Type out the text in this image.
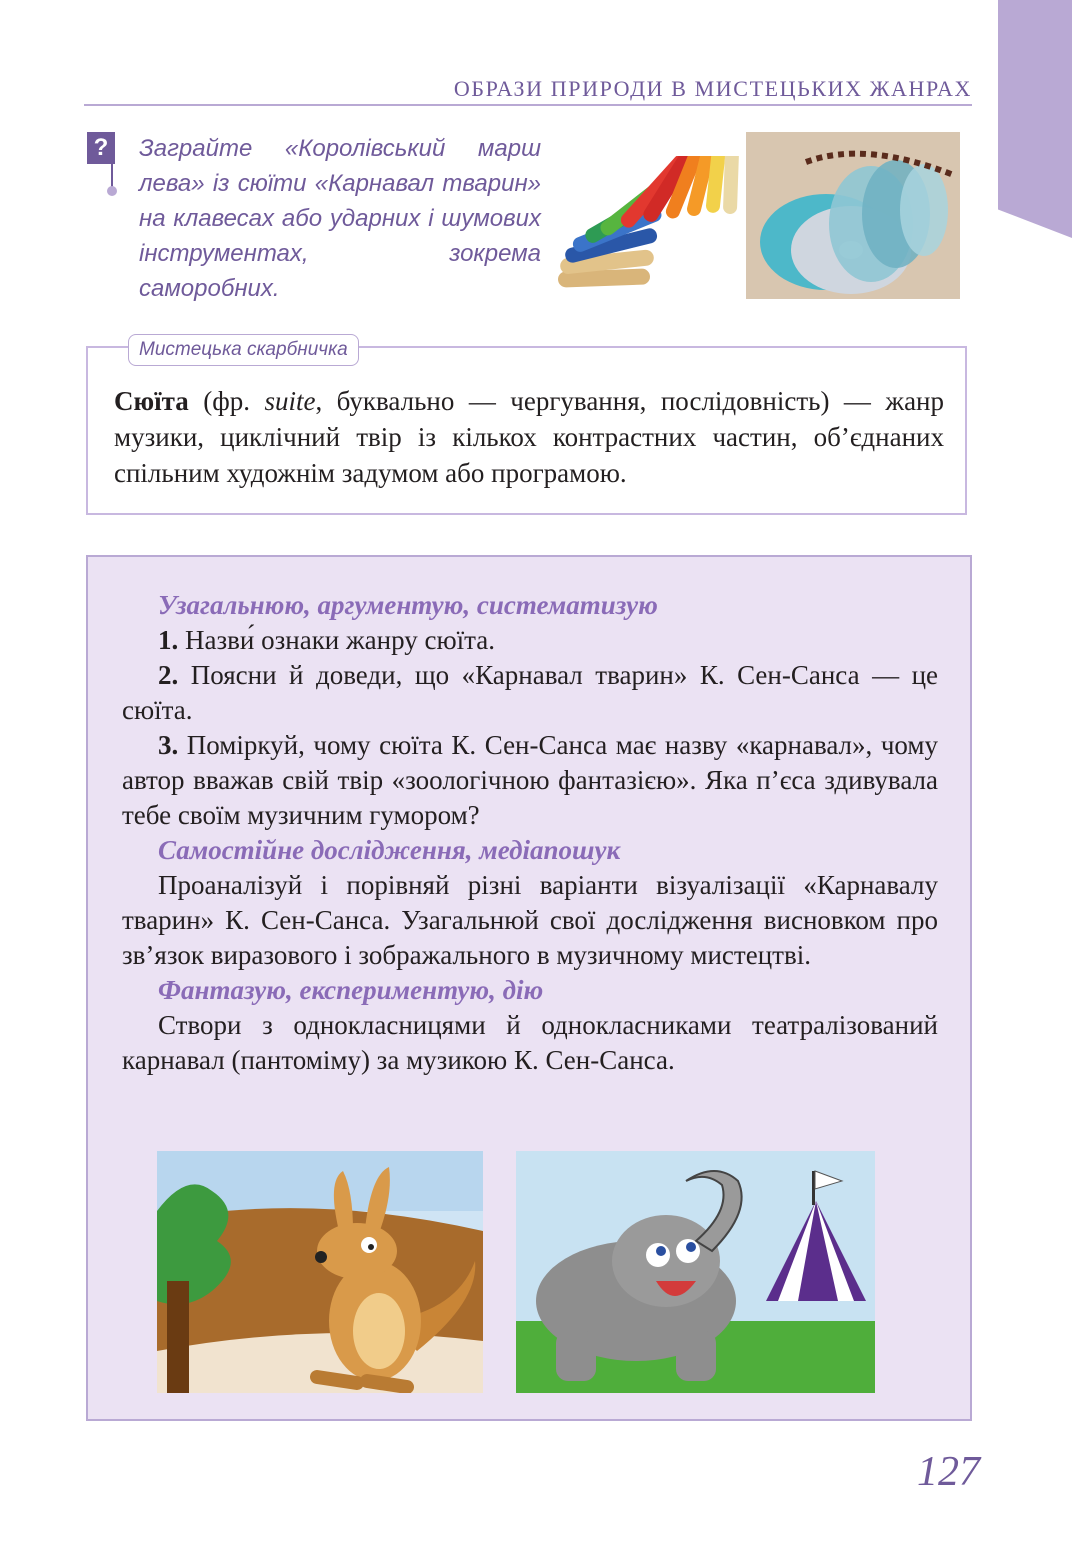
ОБРАЗИ ПРИРОДИ В МИСТЕЦЬКИХ ЖАНРАХ
? Заграйте «Королівський марш лева» із сюїти «Карнавал тварин» на клавесах або ударних і шумових інструментах, зокрема саморобних.
Мистецька скарбничка
Сюїта (фр. suite, буквально — чергування, послідовність) — жанр музики, циклічний твір із кількох контрастних частин, об’єднаних спільним художнім задумом або програмою.
Узагальнюю, аргументую, систематизую

1. Назви́ ознаки жанру сюїта.

2. Поясни й доведи, що «Карнавал тварин» К. Сен-Санса — це сюїта.

3. Поміркуй, чому сюїта К. Сен-Санса має назву «карнавал», чому автор вважав свій твір «зоологічною фантазією». Яка п’єса здивувала тебе своїм музичним гумором?

Самостійне дослідження, медіапошук

Проаналізуй і порівняй різні варіанти візуалізації «Карнавалу тварин» К. Сен-Санса. Узагальнюй свої дослідження висновком про зв’язок виразового і зображального в музичному мистецтві.

Фантазую, експериментую, дію

Створи з однокласницями й однокласниками театралізований карнавал (пантоміму) за музикою К. Сен-Санса.

127
